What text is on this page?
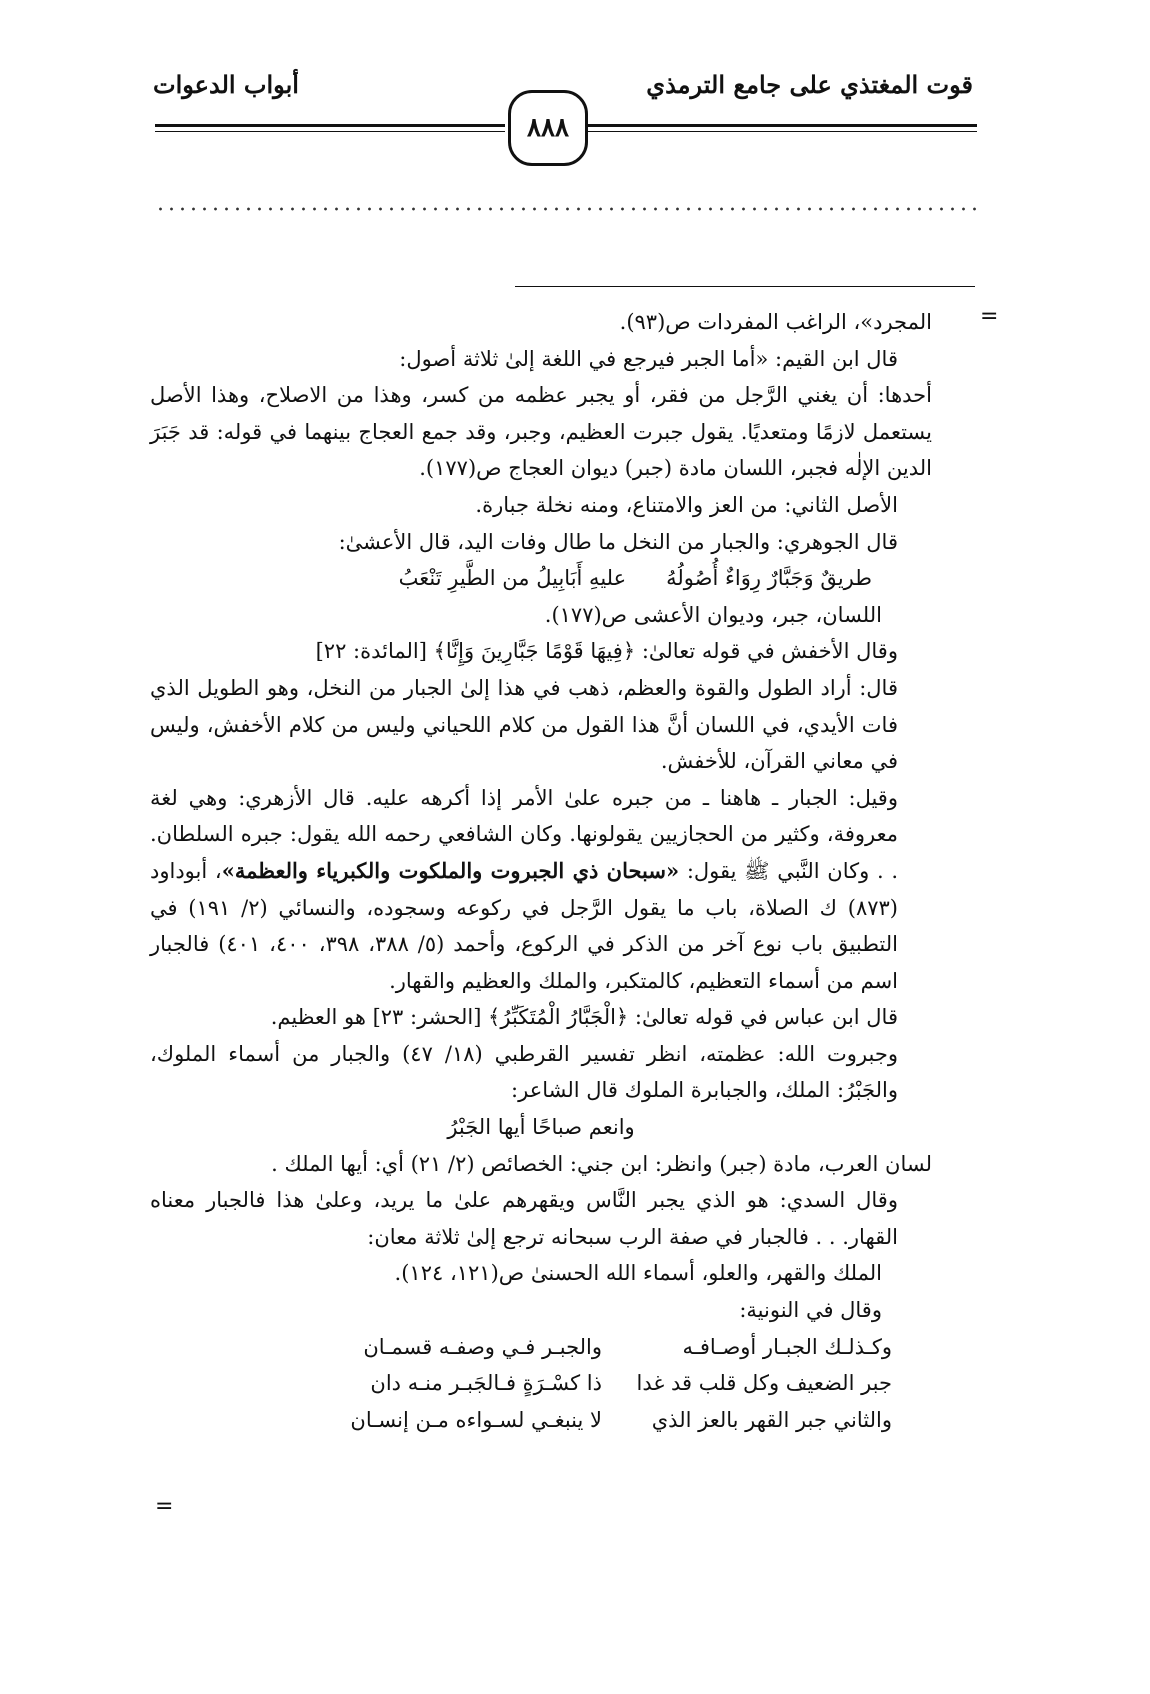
قوت المغتذي على جامع الترمذي
أبواب الدعوات
٨٨٨
=
=

المجرد»، الراغب المفردات ص(٩٣).

قال ابن القيم: «أما الجبر فيرجع في اللغة إلىٰ ثلاثة أصول:

أحدها: أن يغني الرَّجل من فقر، أو يجبر عظمه من كسر، وهذا من الاصلاح، وهذا الأصل يستعمل لازمًا ومتعديًا. يقول جبرت العظيم، وجبر، وقد جمع العجاج بينهما في قوله: قد جَبَرَ الدين الإلٰه فجبر، اللسان مادة (جبر) ديوان العجاج ص(١٧٧).

الأصل الثاني: من العز والامتناع، ومنه نخلة جبارة.

قال الجوهري: والجبار من النخل ما طال وفات اليد، قال الأعشىٰ:

طريقٌ وَجَبَّارٌ رِوَاءٌ أُصُولُهُ
عليهِ أَبَابِيلُ من الطَّيرِ تَنْعَبُ

اللسان، جبر، وديوان الأعشى ص(١٧٧).

وقال الأخفش في قوله تعالىٰ: ﴿فِيهَا قَوْمًا جَبَّارِينَ وَإِنَّا﴾ [المائدة: ٢٢]

قال: أراد الطول والقوة والعظم، ذهب في هذا إلىٰ الجبار من النخل، وهو الطويل الذي فات الأيدي، في اللسان أنَّ هذا القول من كلام اللحياني وليس من كلام الأخفش، وليس في معاني القرآن، للأخفش.

وقيل: الجبار ـ هاهنا ـ من جبره علىٰ الأمر إذا أكرهه عليه. قال الأزهري: وهي لغة معروفة، وكثير من الحجازيين يقولونها. وكان الشافعي رحمه الله يقول: جبره السلطان. . . وكان النَّبي ﷺ يقول: «سبحان ذي الجبروت والملكوت والكبرياء والعظمة»، أبوداود (٨٧٣) ك الصلاة، باب ما يقول الرَّجل في ركوعه وسجوده، والنسائي (٢/ ١٩١) في التطبيق باب نوع آخر من الذكر في الركوع، وأحمد (٥/ ٣٨٨، ٣٩٨، ٤٠٠، ٤٠١) فالجبار اسم من أسماء التعظيم، كالمتكبر، والملك والعظيم والقهار.

قال ابن عباس في قوله تعالىٰ: ﴿الْجَبَّارُ الْمُتَكَبِّرُ﴾ [الحشر: ٢٣] هو العظيم.

وجبروت الله: عظمته، انظر تفسير القرطبي (١٨/ ٤٧) والجبار من أسماء الملوك، والجَبْرُ: الملك، والجبابرة الملوك قال الشاعر:

وانعم صباحًا أيها الجَبْرُ

لسان العرب، مادة (جبر) وانظر: ابن جني: الخصائص (٢/ ٢١) أي: أيها الملك .

وقال السدي: هو الذي يجبر النَّاس ويقهرهم علىٰ ما يريد، وعلىٰ هذا فالجبار معناه القهار. . . فالجبار في صفة الرب سبحانه ترجع إلىٰ ثلاثة معان:

الملك والقهر، والعلو، أسماء الله الحسنىٰ ص(١٢١، ١٢٤).

وقال في النونية:

وكـذلـك الجبـار أوصـافـه
والجبـر فـي وصفـه قسمـان
جبر الضعيف وكل قلب قد غدا
ذا كسْـرَةٍ فـالجَبـر منـه دان
والثاني جبر القهر بالعز الذي
لا ينبغـي لسـواءه مـن إنسـان
